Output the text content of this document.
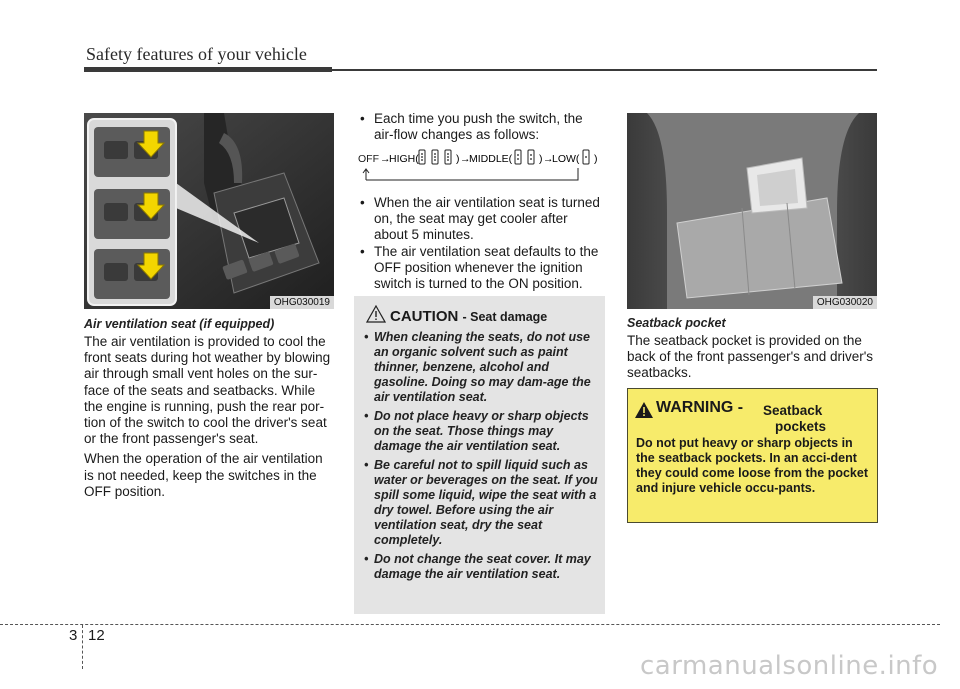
Safety features of your vehicle
OHG030019
Air ventilation seat (if equipped)

The air ventilation is provided to cool the front seats during hot weather by blowing air through small vent holes on the sur-face of the seats and seatbacks. While the engine is running, push the rear por-tion of the switch to cool the driver's seat or the front passenger's seat.

When the operation of the air ventilation is not needed, keep the switches in the OFF position.

• Each time you push the switch, the air-flow changes as follows:
OFF →
HIGH(	) →
MIDDLE(	) →
LOW( )
• When the air ventilation seat is turned on, the seat may get cooler after about 5 minutes.
• The air ventilation seat defaults to the OFF position whenever the ignition switch is turned to the ON position.
CAUTION - Seat damage
• When cleaning the seats, do not use an organic solvent such as paint thinner, benzene, alcohol and gasoline. Doing so may dam-age the air ventilation seat.
• Do not place heavy or sharp objects on the seat. Those things may damage the air ventilation seat.
• Be careful not to spill liquid such as water or beverages on the seat. If you spill some liquid, wipe the seat with a dry towel. Before using the air ventilation seat, dry the seat completely.
• Do not change the seat cover. It may damage the air ventilation seat.
OHG030020
Seatback pocket
The seatback pocket is provided on the back of the front passenger's and driver's seatbacks.
WARNING - Seatback
pockets
Do not put heavy or sharp objects in the seatback pockets. In an acci-dent they could come loose from the pocket and injure vehicle occu-pants.
3 12
carmanualsonline.info
